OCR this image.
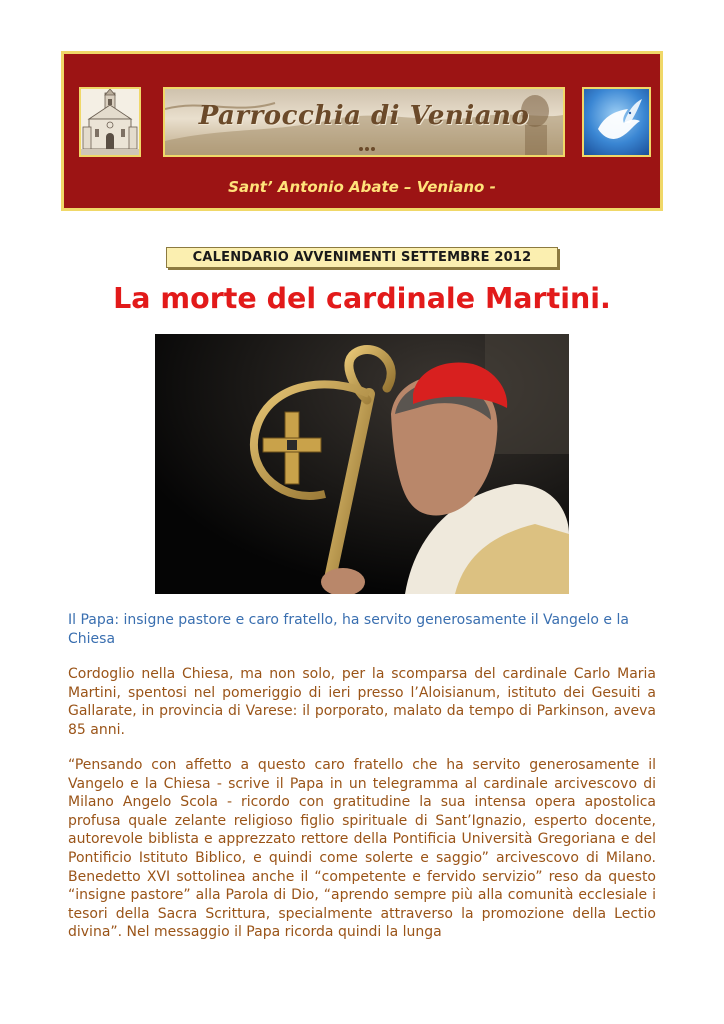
Parrocchia di Veniano
Sant’ Antonio Abate – Veniano -
CALENDARIO AVVENIMENTI SETTEMBRE 2012
La morte del cardinale Martini.
Il Papa: insigne pastore e caro fratello, ha servito generosamente il Vangelo e la Chiesa
Cordoglio nella Chiesa, ma non solo, per la scomparsa del cardinale Carlo Maria Martini, spentosi nel pomeriggio di ieri presso l’Aloisianum, istituto dei Gesuiti a Gallarate, in provincia di Varese: il porporato, malato da tempo di Parkinson, aveva 85 anni.
“Pensando con affetto a questo caro fratello che ha servito generosamente il Vangelo e la Chiesa - scrive il Papa in un telegramma al cardinale arcivescovo di Milano Angelo Scola - ricordo con gratitudine la sua intensa opera apostolica profusa quale zelante religioso figlio spirituale di Sant’Ignazio, esperto docente, autorevole biblista e apprezzato rettore della Pontificia Università Gregoriana e del Pontificio Istituto Biblico, e quindi come solerte e saggio” arcivescovo di Milano. Benedetto XVI sottolinea anche il “competente e fervido servizio” reso da questo “insigne pastore” alla Parola di Dio, “aprendo sempre più alla comunità ecclesiale i tesori della Sacra Scrittura, specialmente attraverso la promozione della Lectio divina”. Nel messaggio il Papa ricorda quindi la lunga
